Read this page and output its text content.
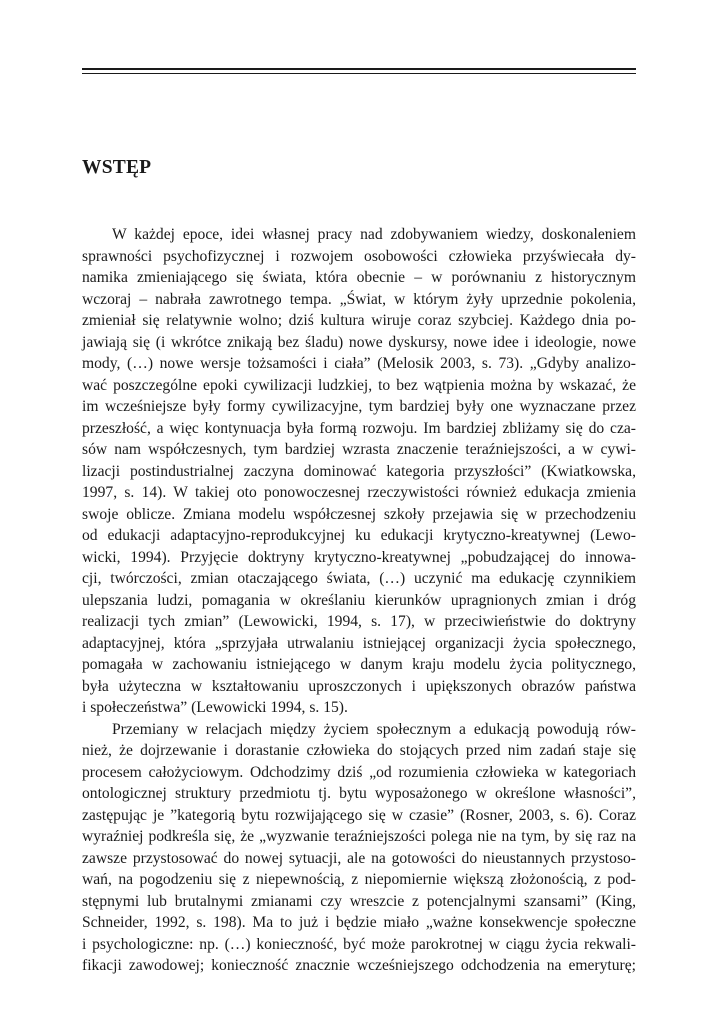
WSTĘP
W każdej epoce, idei własnej pracy nad zdobywaniem wiedzy, doskonaleniem
sprawności psychofizycznej i rozwojem osobowości człowieka przyświecała dy-
namika zmieniającego się świata, która obecnie – w porównaniu z historycznym
wczoraj – nabrała zawrotnego tempa. „Świat, w którym żyły uprzednie pokolenia,
zmieniał się relatywnie wolno; dziś kultura wiruje coraz szybciej. Każdego dnia po-
jawiają się (i wkrótce znikają bez śladu) nowe dyskursy, nowe idee i ideologie, nowe
mody, (…) nowe wersje tożsamości i ciała” (Melosik 2003, s. 73). „Gdyby analizo-
wać poszczególne epoki cywilizacji ludzkiej, to bez wątpienia można by wskazać, że
im wcześniejsze były formy cywilizacyjne, tym bardziej były one wyznaczane przez
przeszłość, a więc kontynuacja była formą rozwoju. Im bardziej zbliżamy się do cza-
sów nam współczesnych, tym bardziej wzrasta znaczenie teraźniejszości, a w cywi-
lizacji postindustrialnej zaczyna dominować kategoria przyszłości” (Kwiatkowska,
1997, s. 14). W takiej oto ponowoczesnej rzeczywistości również edukacja zmienia
swoje oblicze. Zmiana modelu współczesnej szkoły przejawia się w przechodzeniu
od edukacji adaptacyjno-reprodukcyjnej ku edukacji krytyczno-kreatywnej (Lewo-
wicki, 1994). Przyjęcie doktryny krytyczno-kreatywnej „pobudzającej do innowa-
cji, twórczości, zmian otaczającego świata, (…) uczynić ma edukację czynnikiem
ulepszania ludzi, pomagania w określaniu kierunków upragnionych zmian i dróg
realizacji tych zmian” (Lewowicki, 1994, s. 17), w przeciwieństwie do doktryny
adaptacyjnej, która „sprzyjała utrwalaniu istniejącej organizacji życia społecznego,
pomagała w zachowaniu istniejącego w danym kraju modelu życia politycznego,
była użyteczna w kształtowaniu uproszczonych i upiększonych obrazów państwa
i społeczeństwa” (Lewowicki 1994, s. 15).
Przemiany w relacjach między życiem społecznym a edukacją powodują rów-
nież, że dojrzewanie i dorastanie człowieka do stojących przed nim zadań staje się
procesem całożyciowym. Odchodzimy dziś „od rozumienia człowieka w kategoriach
ontologicznej struktury przedmiotu tj. bytu wyposażonego w określone własności”,
zastępując je ”kategorią bytu rozwijającego się w czasie” (Rosner, 2003, s. 6). Coraz
wyraźniej podkreśla się, że „wyzwanie teraźniejszości polega nie na tym, by się raz na
zawsze przystosować do nowej sytuacji, ale na gotowości do nieustannych przystoso-
wań, na pogodzeniu się z niepewnością, z niepomiernie większą złożonością, z pod-
stępnymi lub brutalnymi zmianami czy wreszcie z potencjalnymi szansami” (King,
Schneider, 1992, s. 198). Ma to już i będzie miało „ważne konsekwencje społeczne
i psychologiczne: np. (…) konieczność, być może parokrotnej w ciągu życia rekwali-
fikacji zawodowej; konieczność znacznie wcześniejszego odchodzenia na emeryturę;
